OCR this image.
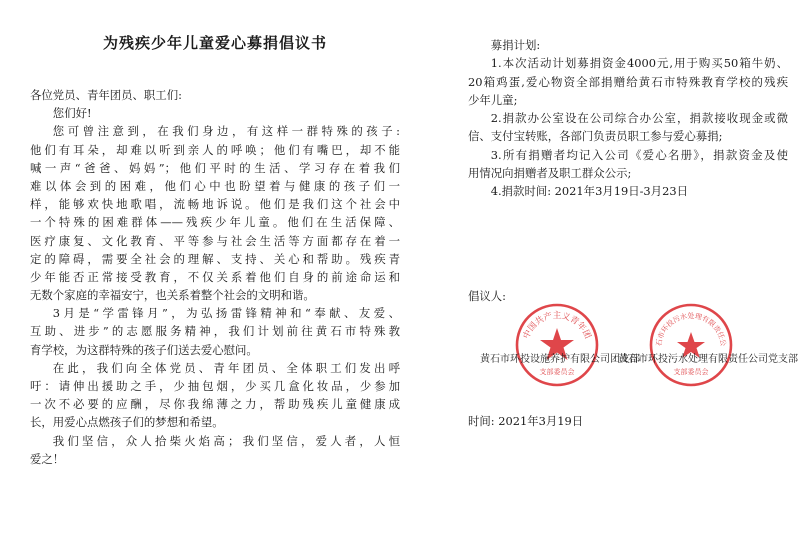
为残疾少年儿童爱心募捐倡议书
各位党员、青年团员、职工们:
您们好!
您可曾注意到，在我们身边，有这样一群特殊的孩子:
他们有耳朵，却难以听到亲人的呼唤；他们有嘴巴，却不能
喊一声“爸爸、妈妈”；他们平时的生活、学习存在着我们
难以体会到的困难，他们心中也盼望着与健康的孩子们一
样，能够欢快地歌唱，流畅地诉说。他们是我们这个社会中
一个特殊的困难群体——残疾少年儿童。他们在生活保障、
医疗康复、文化教育、平等参与社会生活等方面都存在着一
定的障碍，需要全社会的理解、支持、关心和帮助。残疾青
少年能否正常接受教育，不仅关系着他们自身的前途命运和
无数个家庭的幸福安宁，也关系着整个社会的文明和谐。
3月是“学雷锋月”，为弘扬雷锋精神和“奉献、友爱、
互助、进步”的志愿服务精神，我们计划前往黄石市特殊教
育学校，为这群特殊的孩子们送去爱心慰问。
在此，我们向全体党员、青年团员、全体职工们发出呼
吁：请伸出援助之手，少抽包烟，少买几盒化妆品，少参加
一次不必要的应酬，尽你我绵薄之力，帮助残疾儿童健康成
长，用爱心点燃孩子们的梦想和希望。
我们坚信，众人拾柴火焰高；我们坚信，爱人者，人恒
爱之！
募捐计划:
1.本次活动计划募捐资金4000元,用于购买50箱牛奶、
20箱鸡蛋,爱心物资全部捐赠给黄石市特殊教育学校的残疾
少年儿童;
2.捐款办公室设在公司综合办公室，捐款接收现金或微
信、支付宝转账，各部门负责员职工参与爱心募捐;
3.所有捐赠者均记入公司《爱心名册》，捐款资金及使
用情况向捐赠者及职工群众公示;
4.捐款时间: 2021年3月19日-3月23日
倡议人:
中国共产主义青年团
支部委员会
石市环投污水处理有限责任公
支部委员会
黄石市环投设施养护有限公司团支部
黄石市环投污水处理有限责任公司党支部
时间: 2021年3月19日
